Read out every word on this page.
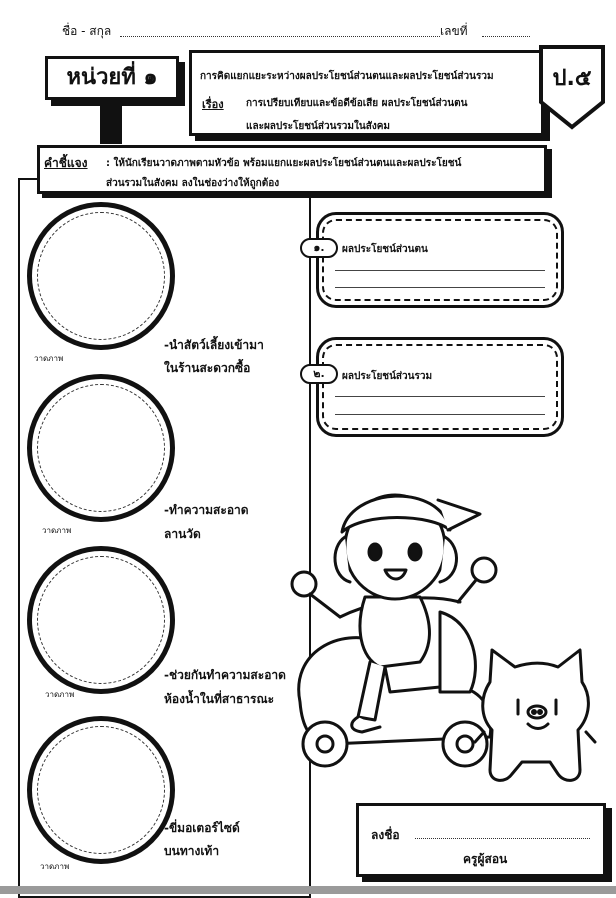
ชื่อ - สกุล	เลขที่
หน่วยที่ ๑	การคิดแยกแยะระหว่างผลประโยชน์ส่วนตนและผลประโยชน์ส่วนรวม
เรื่อง การเปรียบเทียบและข้อดีข้อเสีย ผลประโยชน์ส่วนตน
และผลประโยชน์ส่วนรวมในสังคม
ป.๕
คำชี้แจง : ให้นักเรียนวาดภาพตามหัวข้อ พร้อมแยกแยะผลประโยชน์ส่วนตนและผลประโยชน์
ส่วนรวมในสังคม ลงในช่องว่างให้ถูกต้อง
วาดภาพ
-นำสัตว์เลี้ยงเข้ามา
ในร้านสะดวกซื้อ
วาดภาพ
-ทำความสะอาด
ลานวัด
วาดภาพ
-ช่วยกันทำความสะอาด
ห้องน้ำในที่สาธารณะ
วาดภาพ
-ขี่มอเตอร์ไซด์
บนทางเท้า
๑.	ผลประโยชน์ส่วนตน
๒.	ผลประโยชน์ส่วนรวม
ลงชื่อ
ครูผู้สอน
